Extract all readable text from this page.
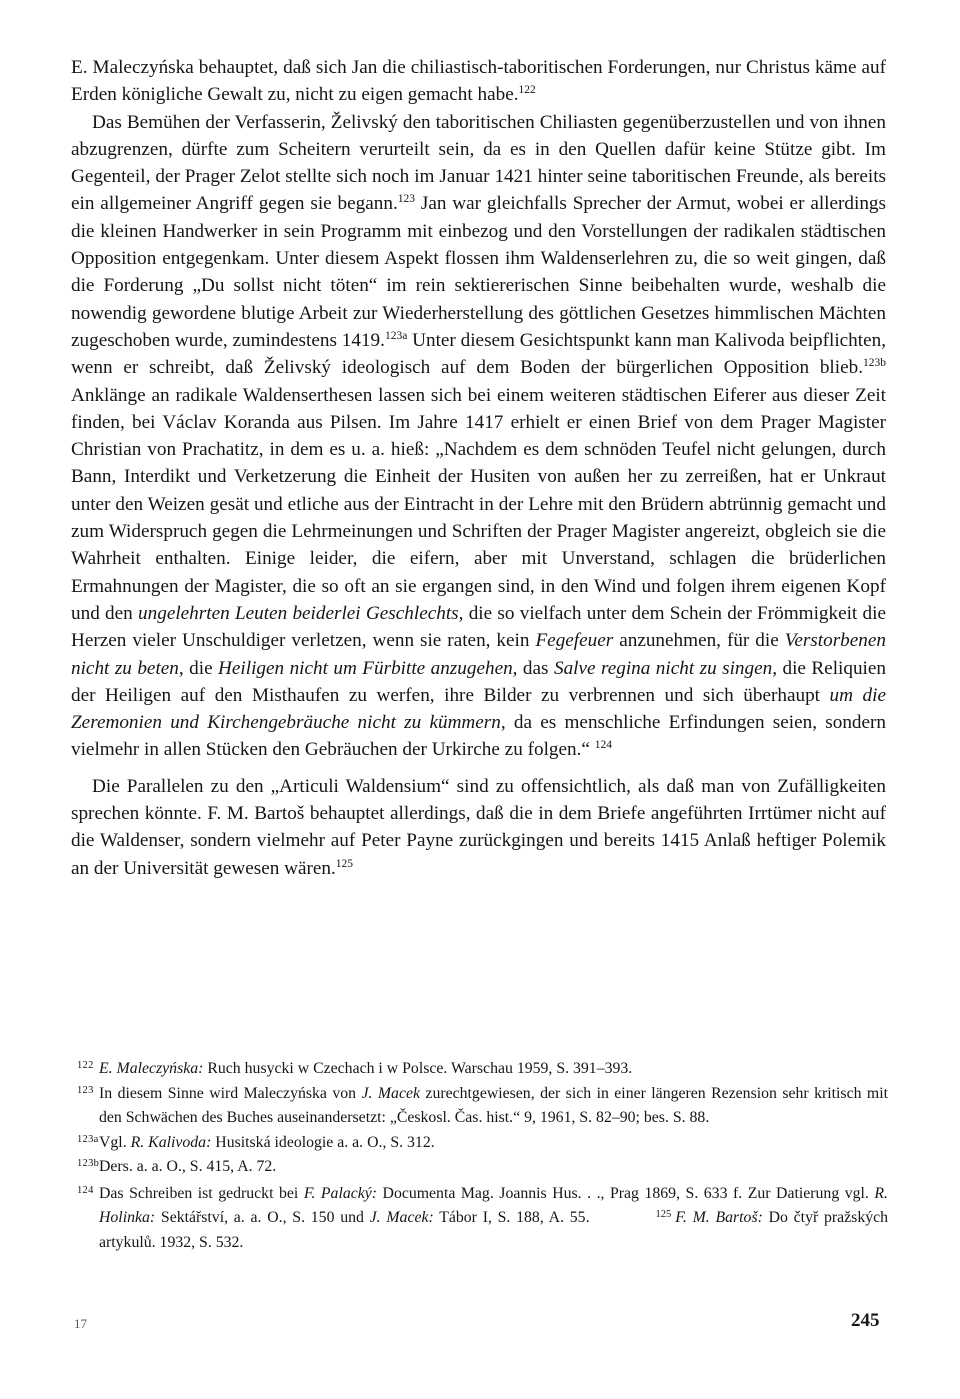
E. Maleczyńska behauptet, daß sich Jan die chiliastisch-taboritischen Forderungen, nur Christus käme auf Erden königliche Gewalt zu, nicht zu eigen gemacht habe.$^{122}$

Das Bemühen der Verfasserin, Želivský den taboritischen Chiliasten gegenüberzustellen und von ihnen abzugrenzen, dürfte zum Scheitern verurteilt sein, da es in den Quellen dafür keine Stütze gibt. Im Gegenteil, der Prager Zelot stellte sich noch im Januar 1421 hinter seine taboritischen Freunde, als bereits ein allgemeiner Angriff gegen sie begann.$^{123}$ Jan war gleichfalls Sprecher der Armut, wobei er allerdings die kleinen Handwerker in sein Programm mit einbezog und den Vorstellungen der radikalen städtischen Opposition entgegenkam. Unter diesem Aspekt flossen ihm Waldenserlehren zu, die so weit gingen, daß die Forderung „Du sollst nicht töten“ im rein sektiererischen Sinne beibehalten wurde, weshalb die nowendig gewordene blutige Arbeit zur Wiederherstellung des göttlichen Gesetzes himmlischen Mächten zugeschoben wurde, zumindestens 1419.$^{123a}$ Unter diesem Gesichtspunkt kann man Kalivoda beipflichten, wenn er schreibt, daß Želivský ideologisch auf dem Boden der bürgerlichen Opposition blieb.$^{123b}$ Anklänge an radikale Waldenserthesen lassen sich bei einem weiteren städtischen Eiferer aus dieser Zeit finden, bei Václav Koranda aus Pilsen. Im Jahre 1417 erhielt er einen Brief von dem Prager Magister Christian von Prachatitz, in dem es u. a. hieß: „Nachdem es dem schnöden Teufel nicht gelungen, durch Bann, Interdikt und Verketzerung die Einheit der Husiten von außen her zu zerreißen, hat er Unkraut unter den Weizen gesät und etliche aus der Eintracht in der Lehre mit den Brüdern abtrünnig gemacht und zum Widerspruch gegen die Lehrmeinungen und Schriften der Prager Magister angereizt, obgleich sie die Wahrheit enthalten. Einige leider, die eifern, aber mit Unverstand, schlagen die brüderlichen Ermahnungen der Magister, die so oft an sie ergangen sind, in den Wind und folgen ihrem eigenen Kopf und den ungelehrten Leuten beiderlei Geschlechts, die so vielfach unter dem Schein der Frömmigkeit die Herzen vieler Unschuldiger verletzen, wenn sie raten, kein Fegefeuer anzunehmen, für die Verstorbenen nicht zu beten, die Heiligen nicht um Fürbitte anzugehen, das Salve regina nicht zu singen, die Reliquien der Heiligen auf den Misthaufen zu werfen, ihre Bilder zu verbrennen und sich überhaupt um die Zeremonien und Kirchengebräuche nicht zu kümmern, da es menschliche Erfindungen seien, sondern vielmehr in allen Stücken den Gebräuchen der Urkirche zu folgen.“ $^{124}$

Die Parallelen zu den „Articuli Waldensium“ sind zu offensichtlich, als daß man von Zufälligkeiten sprechen könnte. F. M. Bartoš behauptet allerdings, daß die in dem Briefe angeführten Irrtümer nicht auf die Waldenser, sondern vielmehr auf Peter Payne zurückgingen und bereits 1415 Anlaß heftiger Polemik an der Universität gewesen wären.$^{125}$

122 E. Maleczyńska: Ruch husycki w Czechach i w Polsce. Warschau 1959, S. 391–393.
123 In diesem Sinne wird Maleczyńska von J. Macek zurechtgewiesen, der sich in einer längeren Rezension sehr kritisch mit den Schwächen des Buches auseinandersetzt: „Českosl. Čas. hist.“ 9, 1961, S. 82–90; bes. S. 88.
123a Vgl. R. Kalivoda: Husitská ideologie a. a. O., S. 312.
123b Ders. a. a. O., S. 415, A. 72.
124 Das Schreiben ist gedruckt bei F. Palacký: Documenta Mag. Joannis Hus. . ., Prag 1869, S. 633 f. Zur Datierung vgl. R. Holinka: Sektářství, a. a. O., S. 150 und J. Macek: Tábor I, S. 188, A. 55.	$^{125}$ F. M. Bartoš: Do čtyř pražských artykulů. 1932, S. 532.
17	245
